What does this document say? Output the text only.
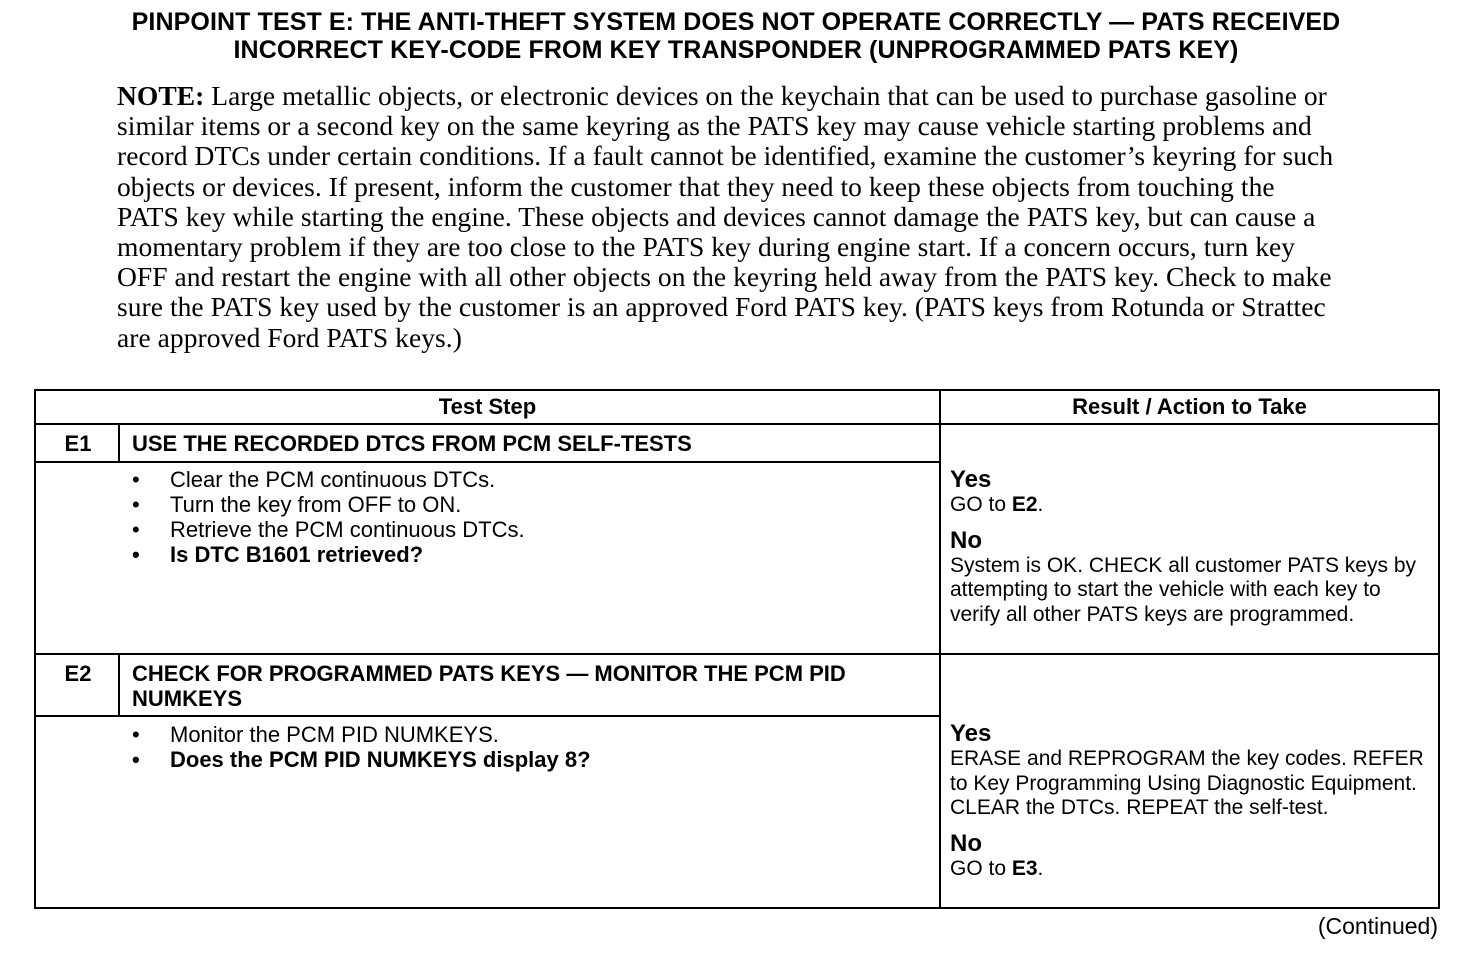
PINPOINT TEST E: THE ANTI-THEFT SYSTEM DOES NOT OPERATE CORRECTLY — PATS RECEIVED
INCORRECT KEY-CODE FROM KEY TRANSPONDER (UNPROGRAMMED PATS KEY)
NOTE: Large metallic objects, or electronic devices on the keychain that can be used to purchase gasoline or similar items or a second key on the same keyring as the PATS key may cause vehicle starting problems and record DTCs under certain conditions. If a fault cannot be identified, examine the customer’s keyring for such objects or devices. If present, inform the customer that they need to keep these objects from touching the PATS key while starting the engine. These objects and devices cannot damage the PATS key, but can cause a momentary problem if they are too close to the PATS key during engine start. If a concern occurs, turn key OFF and restart the engine with all other objects on the keyring held away from the PATS key. Check to make sure the PATS key used by the customer is an approved Ford PATS key. (PATS keys from Rotunda or Strattec are approved Ford PATS keys.)
Test Step	Result / Action to Take
E1	USE THE RECORDED DTCS FROM PCM SELF-TESTS
• Clear the PCM continuous DTCs.
• Turn the key from OFF to ON.
• Retrieve the PCM continuous DTCs.
• Is DTC B1601 retrieved?
Yes
GO to E2.
No
System is OK. CHECK all customer PATS keys by attempting to start the vehicle with each key to verify all other PATS keys are programmed.
E2	CHECK FOR PROGRAMMED PATS KEYS — MONITOR THE PCM PID NUMKEYS
• Monitor the PCM PID NUMKEYS.
• Does the PCM PID NUMKEYS display 8?
Yes
ERASE and REPROGRAM the key codes. REFER to Key Programming Using Diagnostic Equipment. CLEAR the DTCs. REPEAT the self-test.
No
GO to E3.
(Continued)
